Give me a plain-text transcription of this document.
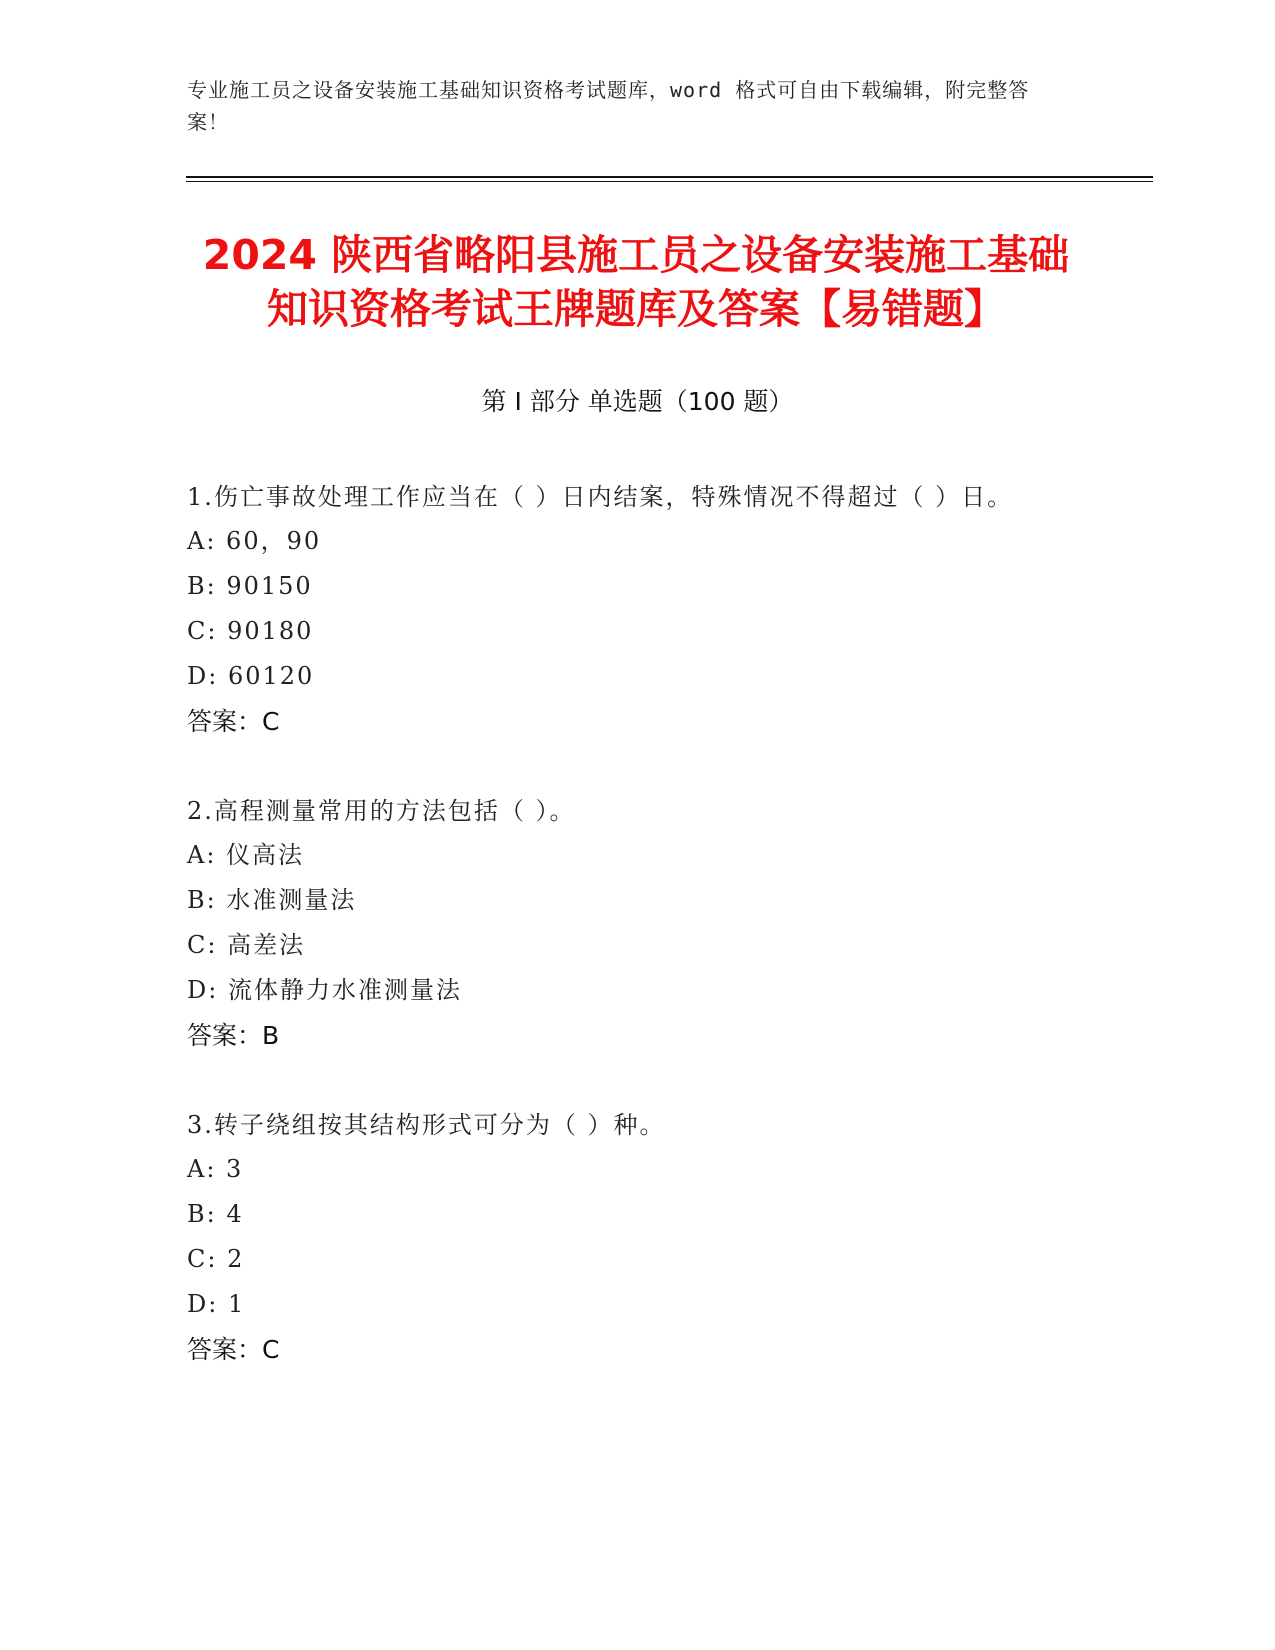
专业施工员之设备安装施工基础知识资格考试题库，word 格式可自由下载编辑，附完整答案！
2024 陕西省略阳县施工员之设备安装施工基础知识资格考试王牌题库及答案【易错题】
第 I 部分 单选题（100 题）
1.伤亡事故处理工作应当在（ ）日内结案，特殊情况不得超过（ ）日。
A: 60，90
B: 90150
C: 90180
D: 60120
答案：C
2.高程测量常用的方法包括（ ）。
A: 仪高法
B: 水准测量法
C: 高差法
D: 流体静力水准测量法
答案：B
3.转子绕组按其结构形式可分为（ ）种。
A: 3
B: 4
C: 2
D: 1
答案：C
